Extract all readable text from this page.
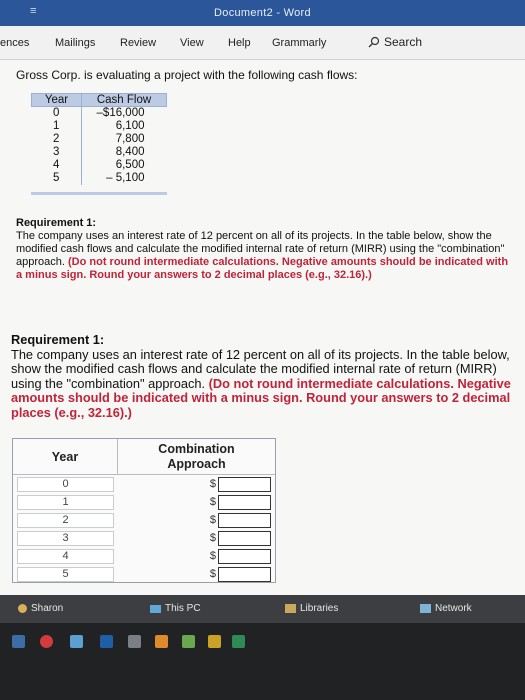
≡	Document2 - Word
ences Mailings Review View Help Grammarly	Search
Gross Corp. is evaluating a project with the following cash flows:
Year	Cash Flow
0	–$16,000
1	6,100
2	7,800
3	8,400
4	6,500
5	– 5,100
Requirement 1:
The company uses an interest rate of 12 percent on all of its projects. In the table below, show the modified cash flows and calculate the modified internal rate of return (MIRR) using the "combination" approach. (Do not round intermediate calculations. Negative amounts should be indicated with a minus sign. Round your answers to 2 decimal places (e.g., 32.16).)
Requirement 1:
The company uses an interest rate of 12 percent on all of its projects. In the table below, show the modified cash flows and calculate the modified internal rate of return (MIRR) using the "combination" approach. (Do not round intermediate calculations. Negative amounts should be indicated with a minus sign. Round your answers to 2 decimal places (e.g., 32.16).)
Year
Combination
Approach
0	$
1	$
2	$
3	$
4	$
5	$
Sharon	This PC	Libraries	Network
